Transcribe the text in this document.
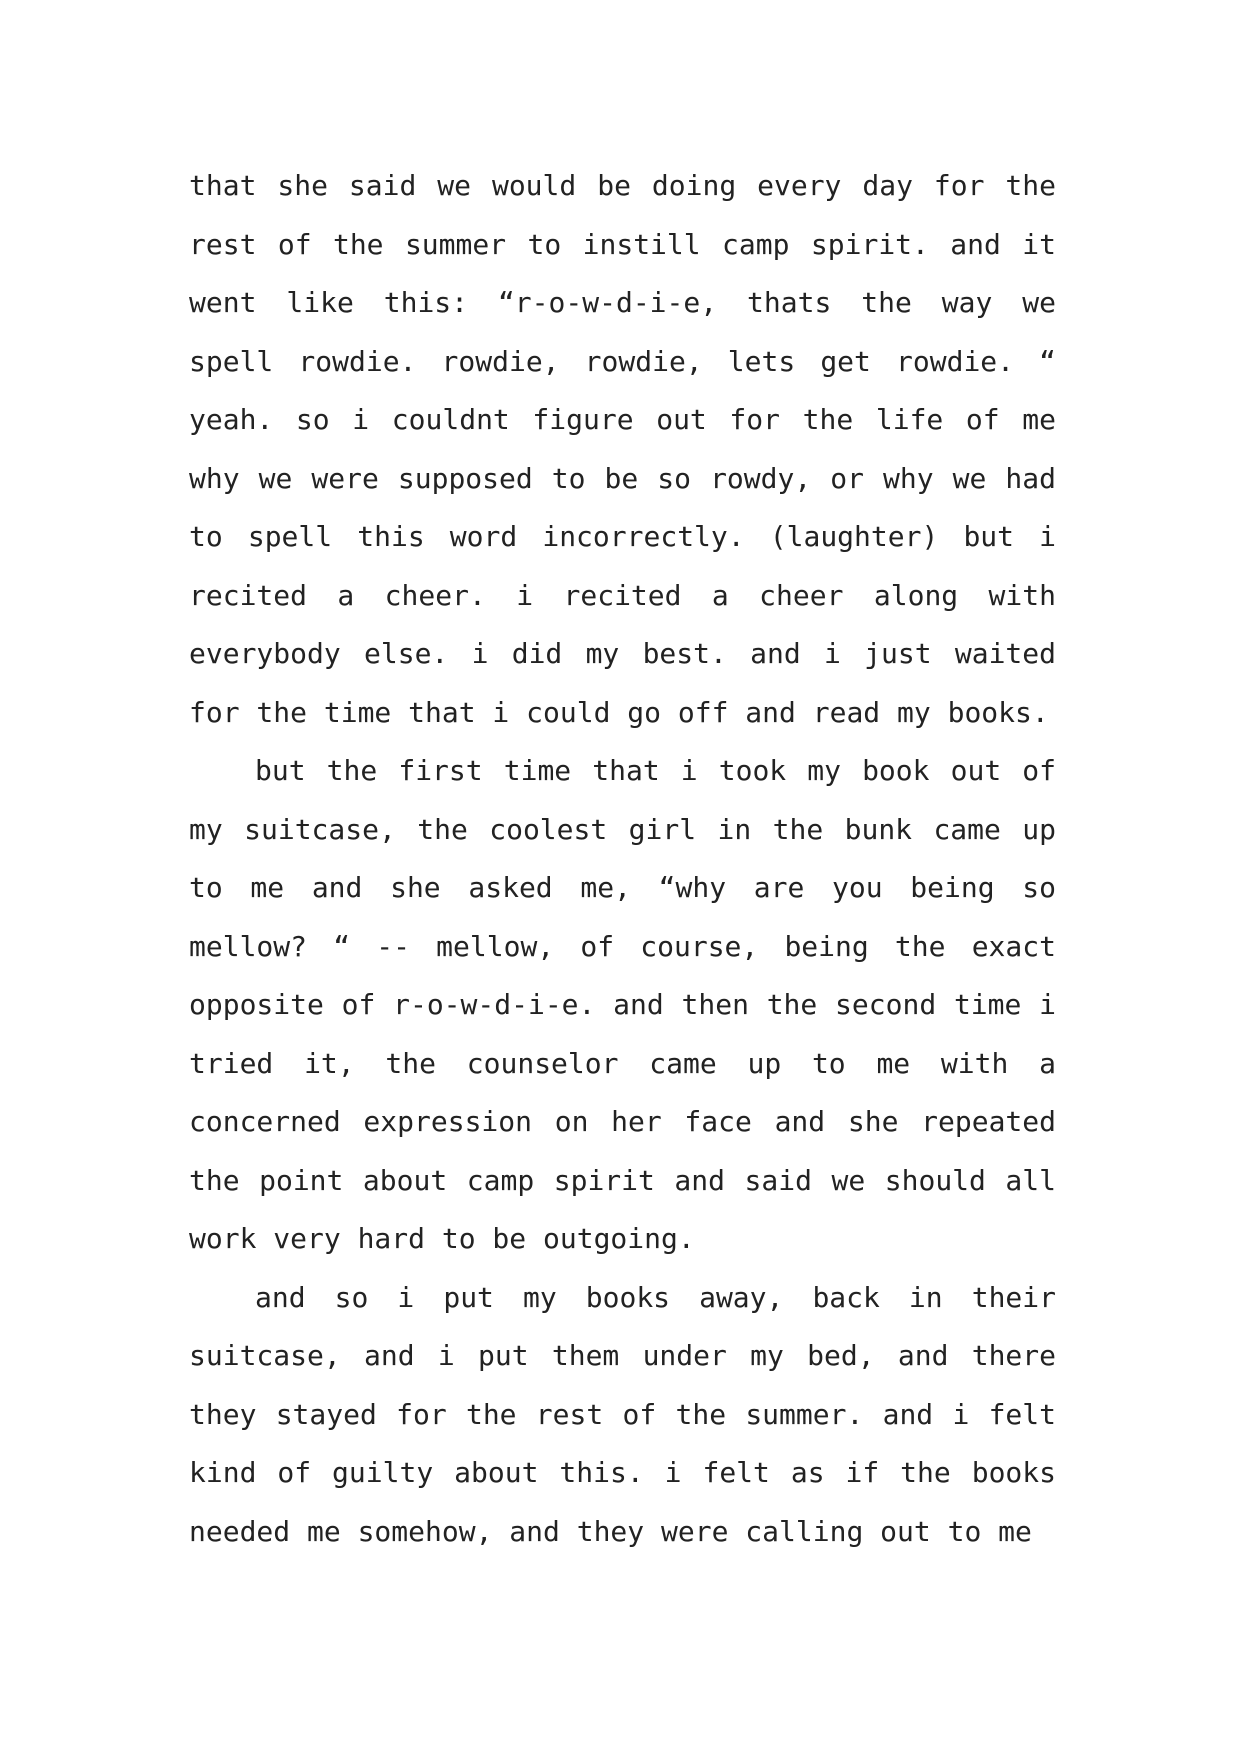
that she said we would be doing every day for the rest of the summer to instill camp spirit. and it went like this: “r-o-w-d-i-e, thats the way we spell rowdie. rowdie, rowdie, lets get rowdie. “ yeah. so i couldnt figure out for the life of me why we were supposed to be so rowdy, or why we had to spell this word incorrectly. (laughter) but i recited a cheer. i recited a cheer along with everybody else. i did my best. and i just waited for the time that i could go off and read my books.

but the first time that i took my book out of my suitcase, the coolest girl in the bunk came up to me and she asked me, “why are you being so mellow? “ -- mellow, of course, being the exact opposite of r-o-w-d-i-e. and then the second time i tried it, the counselor came up to me with a concerned expression on her face and she repeated the point about camp spirit and said we should all work very hard to be outgoing.

and so i put my books away, back in their suitcase, and i put them under my bed, and there they stayed for the rest of the summer. and i felt kind of guilty about this. i felt as if the books needed me somehow, and they were calling out to me
